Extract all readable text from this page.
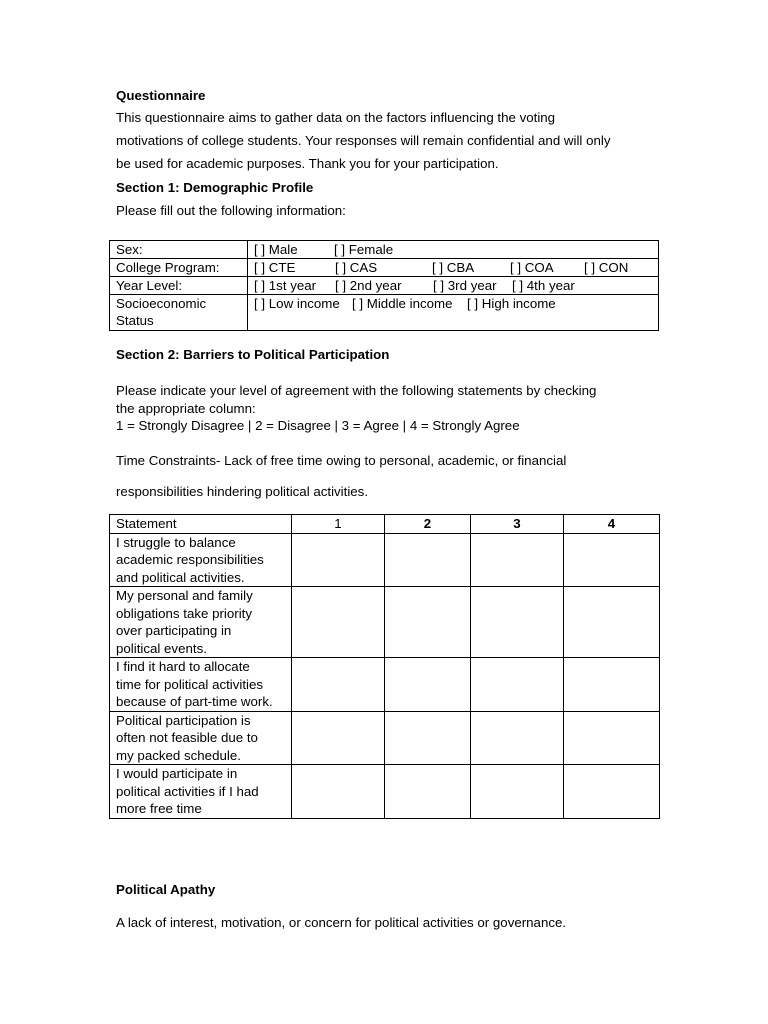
Questionnaire
This questionnaire aims to gather data on the factors influencing the voting
motivations of college students. Your responses will remain confidential and will only
be used for academic purposes. Thank you for your participation.
Section 1: Demographic Profile
Please fill out the following information:
Sex:	[ ] Male [ ] Female
College Program:	[ ] CTE [ ] CAS [ ] CBA [ ] COA [ ] CON
Year Level:	[ ] 1st year [ ] 2nd year [ ] 3rd year [ ] 4th year

Socioeconomic
Status	[ ] Low income [ ] Middle income [ ] High income
Section 2: Barriers to Political Participation
Please indicate your level of agreement with the following statements by checking
the appropriate column:
1 = Strongly Disagree | 2 = Disagree | 3 = Agree | 4 = Strongly Agree
Time Constraints- Lack of free time owing to personal, academic, or financial
responsibilities hindering political activities.
Statement	1	2	3	4

I struggle to balance
academic responsibilities
and political activities.				

My personal and family
obligations take priority
over participating in
political events.				

I find it hard to allocate
time for political activities
because of part-time work.				

Political participation is
often not feasible due to
my packed schedule.				

I would participate in
political activities if I had
more free time				

Political Apathy
A lack of interest, motivation, or concern for political activities or governance.
